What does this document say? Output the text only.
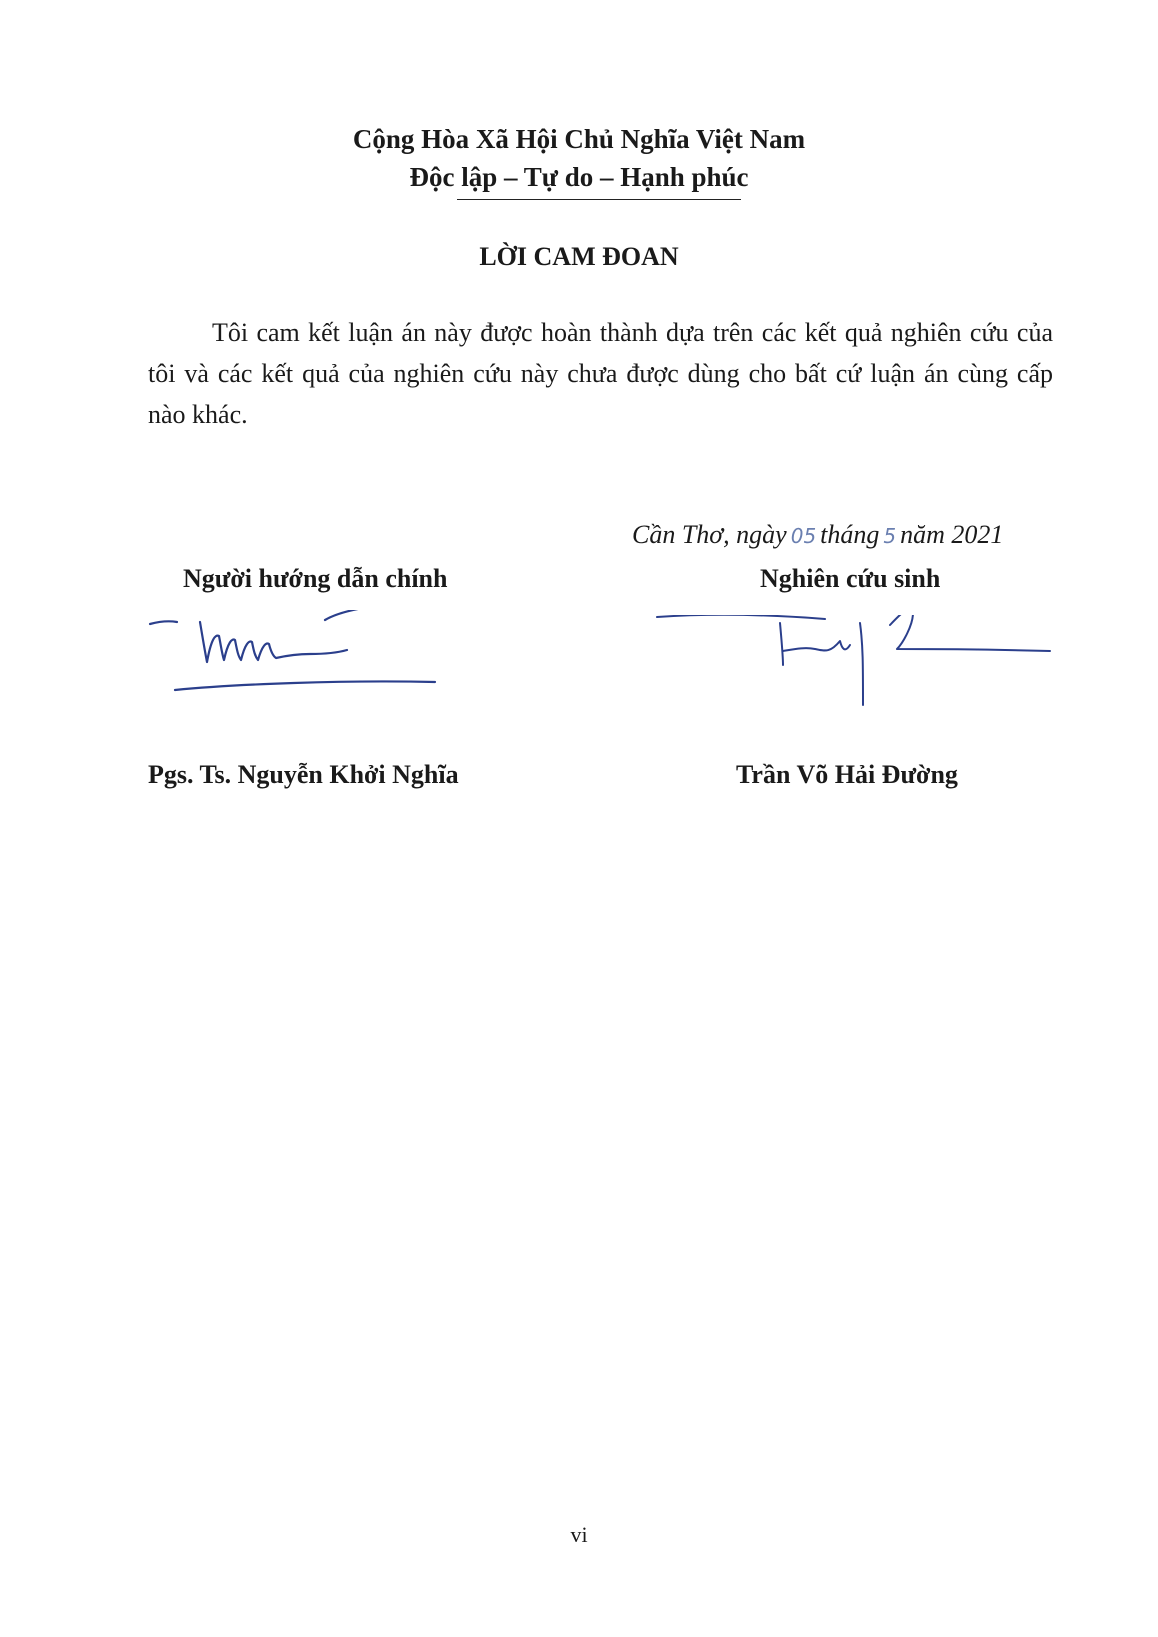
Cộng Hòa Xã Hội Chủ Nghĩa Việt Nam
Độc lập – Tự do – Hạnh phúc
LỜI CAM ĐOAN

Tôi cam kết luận án này được hoàn thành dựa trên các kết quả nghiên cứu của tôi và các kết quả của nghiên cứu này chưa được dùng cho bất cứ luận án cùng cấp nào khác.

Cần Thơ, ngày 05 tháng 5 năm 2021
Người hướng dẫn chính	Nghiên cứu sinh
Pgs. Ts. Nguyễn Khởi Nghĩa	Trần Võ Hải Đường
vi
